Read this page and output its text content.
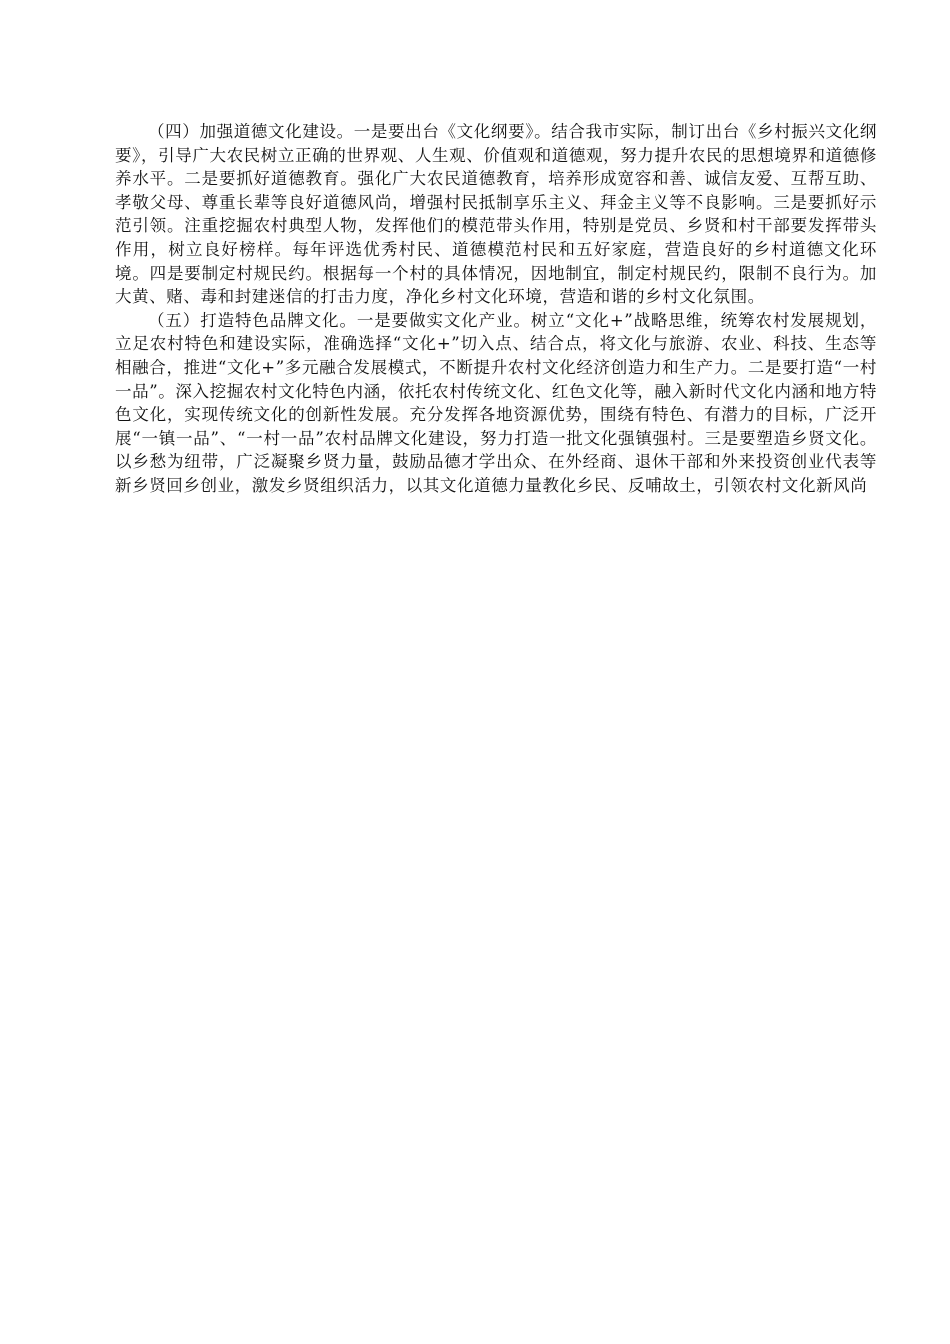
（四）加强道德文化建设。一是要出台《文化纲要》。结合我市实际，制订出台《乡村振兴文化纲要》，引导广大农民树立正确的世界观、人生观、价值观和道德观，努力提升农民的思想境界和道德修养水平。二是要抓好道德教育。强化广大农民道德教育，培养形成宽容和善、诚信友爱、互帮互助、孝敬父母、尊重长辈等良好道德风尚，增强村民抵制享乐主义、拜金主义等不良影响。三是要抓好示范引领。注重挖掘农村典型人物，发挥他们的模范带头作用，特别是党员、乡贤和村干部要发挥带头作用，树立良好榜样。每年评选优秀村民、道德模范村民和五好家庭，营造良好的乡村道德文化环境。四是要制定村规民约。根据每一个村的具体情况，因地制宜，制定村规民约，限制不良行为。加大黄、赌、毒和封建迷信的打击力度，净化乡村文化环境，营造和谐的乡村文化氛围。

（五）打造特色品牌文化。一是要做实文化产业。树立“文化+”战略思维，统筹农村发展规划，立足农村特色和建设实际，准确选择“文化+”切入点、结合点，将文化与旅游、农业、科技、生态等相融合，推进“文化+”多元融合发展模式，不断提升农村文化经济创造力和生产力。二是要打造“一村一品”。深入挖掘农村文化特色内涵，依托农村传统文化、红色文化等，融入新时代文化内涵和地方特色文化，实现传统文化的创新性发展。充分发挥各地资源优势，围绕有特色、有潜力的目标，广泛开展“一镇一品”、“一村一品”农村品牌文化建设，努力打造一批文化强镇强村。三是要塑造乡贤文化。以乡愁为纽带，广泛凝聚乡贤力量，鼓励品德才学出众、在外经商、退休干部和外来投资创业代表等新乡贤回乡创业，激发乡贤组织活力，以其文化道德力量教化乡民、反哺故土，引领农村文化新风尚
